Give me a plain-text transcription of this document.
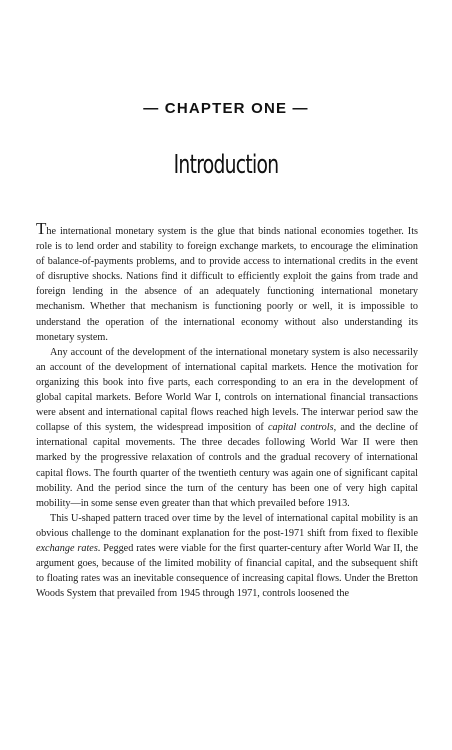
— CHAPTER ONE —
Introduction

The international monetary system is the glue that binds national economies together. Its role is to lend order and stability to foreign exchange markets, to encourage the elimination of balance-of-payments problems, and to provide access to international credits in the event of disruptive shocks. Nations find it difficult to efficiently exploit the gains from trade and foreign lending in the absence of an adequately functioning international monetary mechanism. Whether that mechanism is functioning poorly or well, it is impossible to understand the operation of the international economy without also understanding its monetary system.

Any account of the development of the international monetary system is also necessarily an account of the development of international capital markets. Hence the motivation for organizing this book into five parts, each corresponding to an era in the development of global capital markets. Before World War I, controls on international financial transactions were absent and international capital flows reached high levels. The interwar period saw the collapse of this system, the widespread imposition of capital controls, and the decline of international capital movements. The three decades following World War II were then marked by the progressive relaxation of controls and the gradual recovery of international capital flows. The fourth quarter of the twentieth century was again one of significant capital mobility. And the period since the turn of the century has been one of very high capital mobility—in some sense even greater than that which prevailed before 1913.

This U-shaped pattern traced over time by the level of international capital mobility is an obvious challenge to the dominant explanation for the post-1971 shift from fixed to flexible exchange rates. Pegged rates were viable for the first quarter-century after World War II, the argument goes, because of the limited mobility of financial capital, and the subsequent shift to floating rates was an inevitable consequence of increasing capital flows. Under the Bretton Woods System that prevailed from 1945 through 1971, controls loosened the
